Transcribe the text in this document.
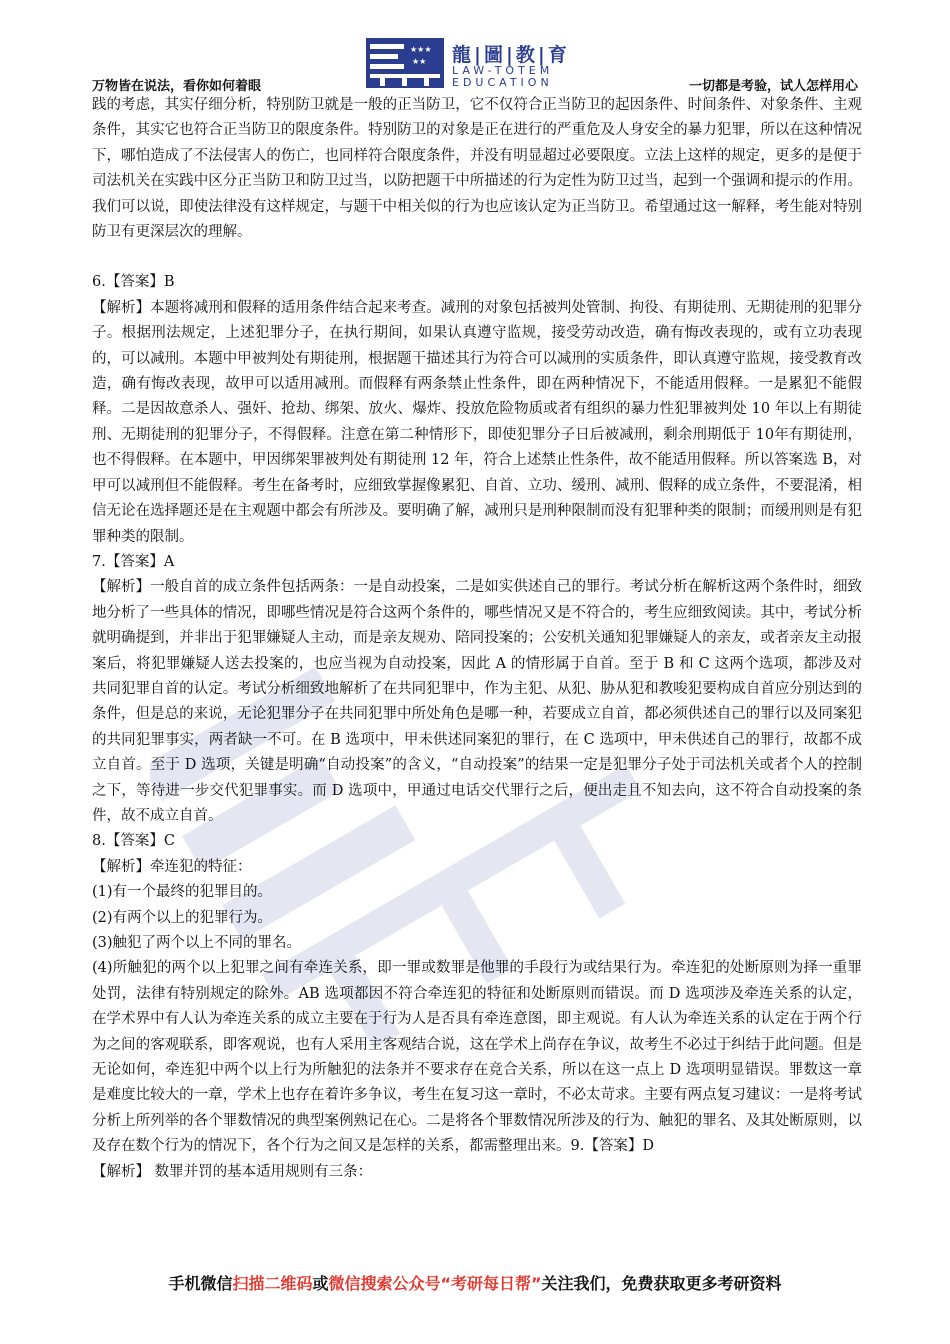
★★★
★★ 龍|圖|教|育
LAW-TOTEM
EDUCATION
万物皆在说法，看你如何着眼	一切都是考验，试人怎样用心

践的考虑，其实仔细分析，特别防卫就是一般的正当防卫，它不仅符合正当防卫的起因条件、时间条件、对象条件、主观条件，其实它也符合正当防卫的限度条件。特别防卫的对象是正在进行的严重危及人身安全的暴力犯罪，所以在这种情况下，哪怕造成了不法侵害人的伤亡，也同样符合限度条件，并没有明显超过必要限度。立法上这样的规定，更多的是便于司法机关在实践中区分正当防卫和防卫过当，以防把题干中所描述的行为定性为防卫过当，起到一个强调和提示的作用。我们可以说，即使法律没有这样规定，与题干中相关似的行为也应该认定为正当防卫。希望通过这一解释，考生能对特别防卫有更深层次的理解。

6.【答案】B

【解析】本题将减刑和假释的适用条件结合起来考查。减刑的对象包括被判处管制、拘役、有期徒刑、无期徒刑的犯罪分子。根据刑法规定，上述犯罪分子，在执行期间，如果认真遵守监规，接受劳动改造，确有悔改表现的，或有立功表现的，可以减刑。本题中甲被判处有期徒刑，根据题干描述其行为符合可以减刑的实质条件，即认真遵守监规，接受教育改造，确有悔改表现，故甲可以适用减刑。而假释有两条禁止性条件，即在两种情况下，不能适用假释。一是累犯不能假释。二是因故意杀人、强奸、抢劫、绑架、放火、爆炸、投放危险物质或者有组织的暴力性犯罪被判处 10 年以上有期徒刑、无期徒刑的犯罪分子，不得假释。注意在第二种情形下，即使犯罪分子日后被减刑，剩余刑期低于 10年有期徒刑，也不得假释。在本题中，甲因绑架罪被判处有期徒刑 12 年，符合上述禁止性条件，故不能适用假释。所以答案选 B，对甲可以减刑但不能假释。考生在备考时，应细致掌握像累犯、自首、立功、缓刑、减刑、假释的成立条件，不要混淆，相信无论在选择题还是在主观题中都会有所涉及。要明确了解，减刑只是刑种限制而没有犯罪种类的限制；而缓刑则是有犯罪种类的限制。

7.【答案】A

【解析】一般自首的成立条件包括两条：一是自动投案，二是如实供述自己的罪行。考试分析在解析这两个条件时，细致地分析了一些具体的情况，即哪些情况是符合这两个条件的，哪些情况又是不符合的，考生应细致阅读。其中，考试分析就明确提到，并非出于犯罪嫌疑人主动，而是亲友规劝、陪同投案的；公安机关通知犯罪嫌疑人的亲友，或者亲友主动报案后，将犯罪嫌疑人送去投案的，也应当视为自动投案，因此 A 的情形属于自首。至于 B 和 C 这两个选项，都涉及对共同犯罪自首的认定。考试分析细致地解析了在共同犯罪中，作为主犯、从犯、胁从犯和教唆犯要构成自首应分别达到的条件，但是总的来说，无论犯罪分子在共同犯罪中所处角色是哪一种，若要成立自首，都必须供述自己的罪行以及同案犯的共同犯罪事实，两者缺一不可。在 B 选项中，甲未供述同案犯的罪行，在 C 选项中，甲未供述自己的罪行，故都不成立自首。至于 D 选项，关键是明确“自动投案”的含义，“自动投案”的结果一定是犯罪分子处于司法机关或者个人的控制之下，等待进一步交代犯罪事实。而 D 选项中，甲通过电话交代罪行之后，便出走且不知去向，这不符合自动投案的条件，故不成立自首。

8.【答案】C

【解析】牵连犯的特征：

(1)有一个最终的犯罪目的。

(2)有两个以上的犯罪行为。

(3)触犯了两个以上不同的罪名。

(4)所触犯的两个以上犯罪之间有牵连关系，即一罪或数罪是他罪的手段行为或结果行为。牵连犯的处断原则为择一重罪处罚，法律有特别规定的除外。AB 选项都因不符合牵连犯的特征和处断原则而错误。而 D 选项涉及牵连关系的认定，在学术界中有人认为牵连关系的成立主要在于行为人是否具有牵连意图，即主观说。有人认为牵连关系的认定在于两个行为之间的客观联系，即客观说，也有人采用主客观结合说，这在学术上尚存在争议，故考生不必过于纠结于此问题。但是无论如何，牵连犯中两个以上行为所触犯的法条并不要求存在竞合关系，所以在这一点上 D 选项明显错误。罪数这一章是难度比较大的一章，学术上也存在着许多争议，考生在复习这一章时，不必太苛求。主要有两点复习建议：一是将考试分析上所列举的各个罪数情况的典型案例熟记在心。二是将各个罪数情况所涉及的行为、触犯的罪名、及其处断原则，以及存在数个行为的情况下，各个行为之间又是怎样的关系，都需整理出来。9.【答案】D

【解析】 数罪并罚的基本适用规则有三条：

手机微信扫描二维码或微信搜索公众号“考研每日帮”关注我们，免费获取更多考研资料
